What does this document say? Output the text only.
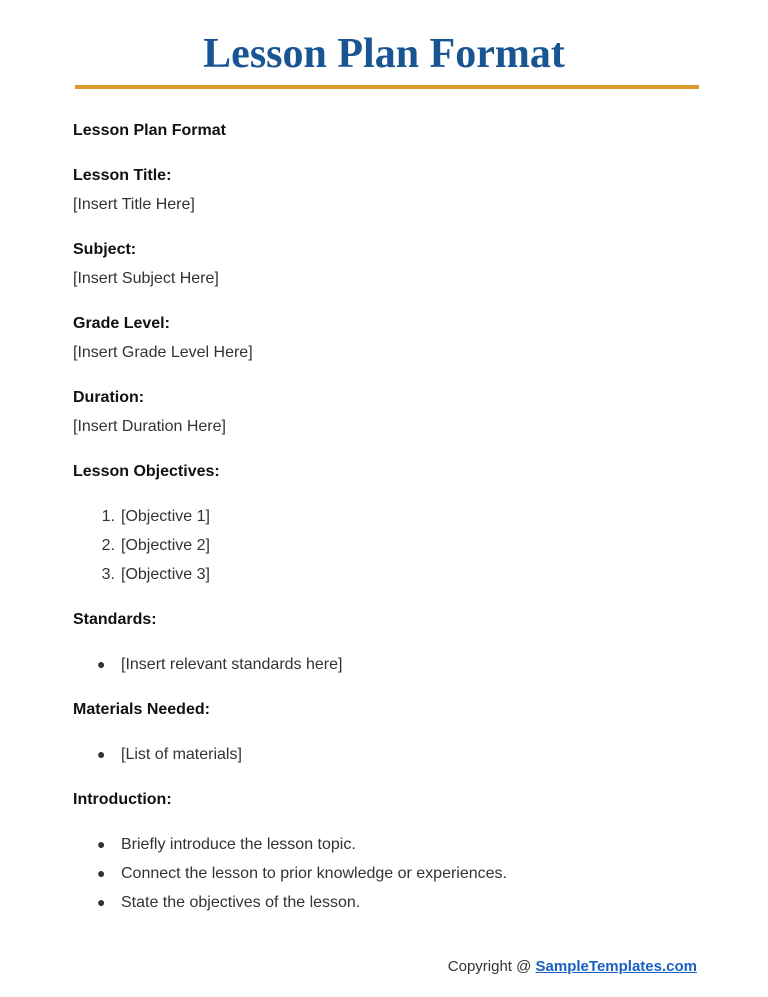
Lesson Plan Format

Lesson Plan Format

Lesson Title:

[Insert Title Here]

Subject:

[Insert Subject Here]

Grade Level:

[Insert Grade Level Here]

Duration:

[Insert Duration Here]

Lesson Objectives:

1. [Objective 1]
2. [Objective 2]
3. [Objective 3]

Standards:

● [Insert relevant standards here]

Materials Needed:

● [List of materials]

Introduction:

● Briefly introduce the lesson topic.
● Connect the lesson to prior knowledge or experiences.
● State the objectives of the lesson.
Copyright @ SampleTemplates.com
